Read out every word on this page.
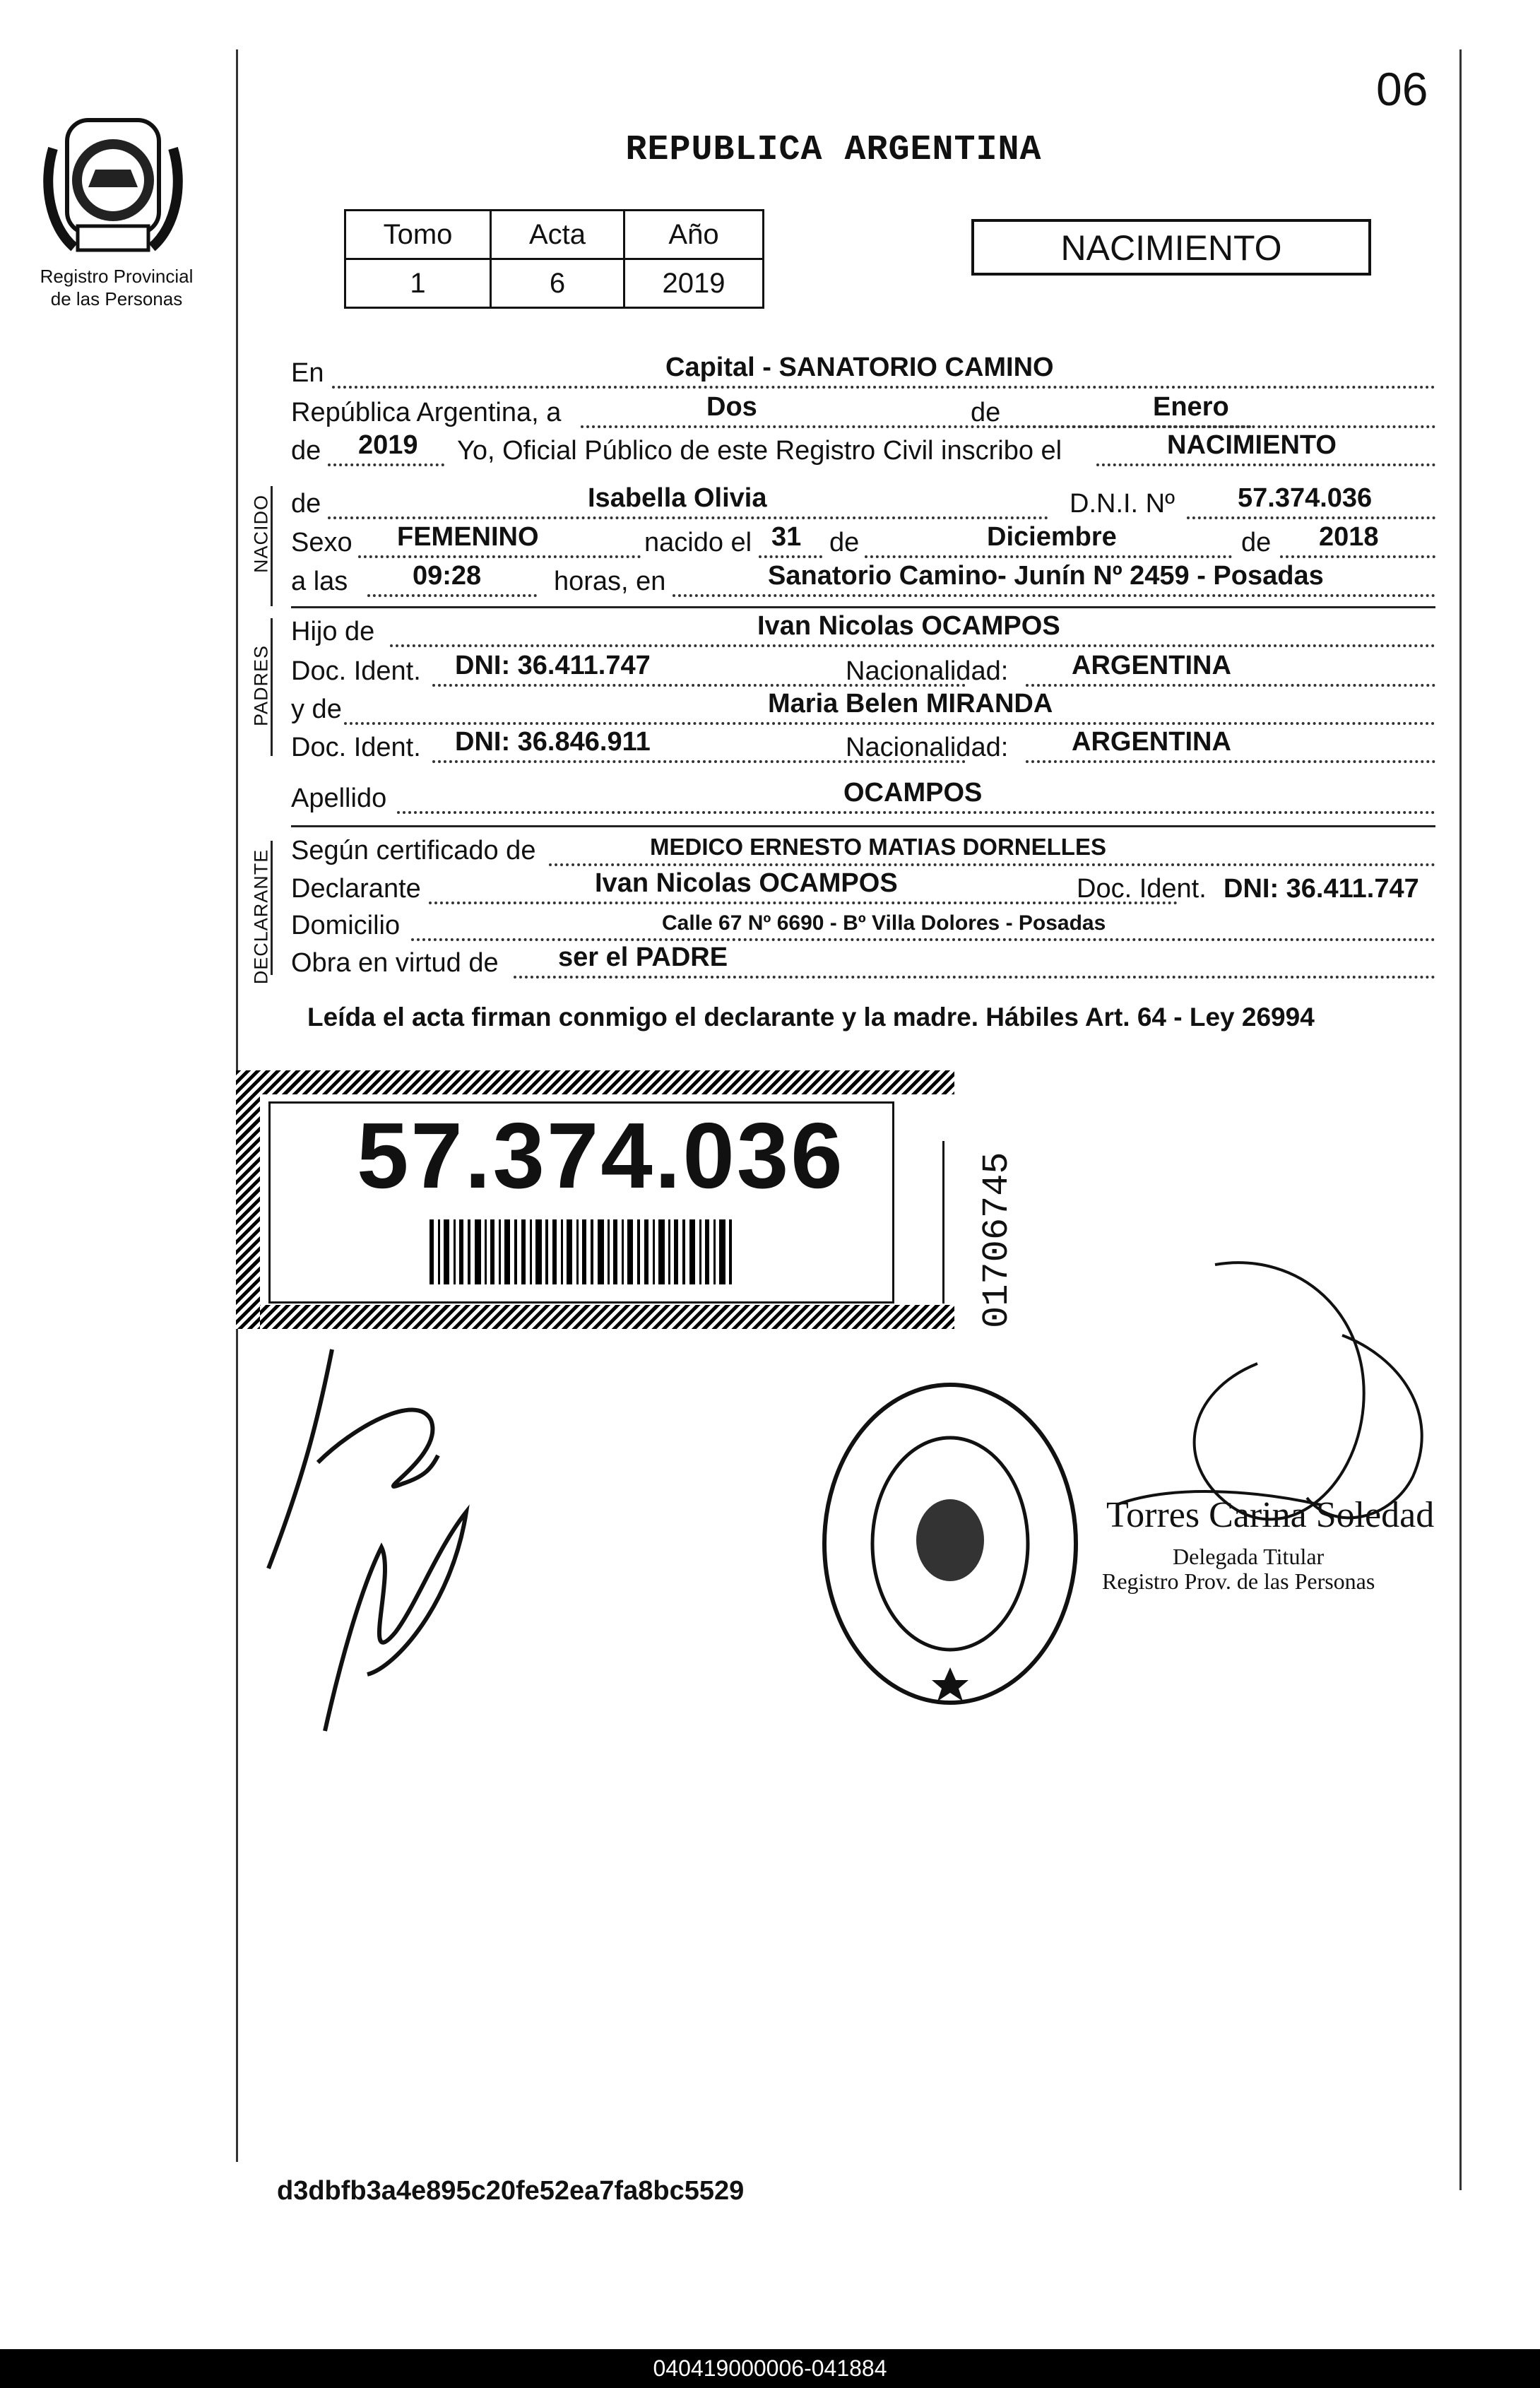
Registro Provincial
de las Personas
06
REPUBLICA ARGENTINA
Tomo	Acta	Año
1	6	2019
NACIMIENTO
En	Capital - SANATORIO CAMINO
República Argentina, a	Dos	de	Enero
de 2019 Yo, Oficial Público de este Registro Civil inscribo el	NACIMIENTO
NACIDO de	Isabella Olivia	D.N.I. Nº 57.374.036
Sexo FEMENINO	nacido el 31 de	Diciembre	de 2018
a las 09:28	horas, en	Sanatorio Camino- Junín Nº 2459 - Posadas
PADRES
Hijo de	Ivan Nicolas OCAMPOS
Doc. Ident. DNI: 36.411.747	Nacionalidad: ARGENTINA
y de	Maria Belen MIRANDA
Doc. Ident. DNI: 36.846.911	Nacionalidad: ARGENTINA
Apellido	OCAMPOS
DECLARANTE Según certificado de	MEDICO ERNESTO MATIAS DORNELLES
Declarante	Ivan Nicolas OCAMPOS	Doc. Ident. DNI: 36.411.747
Domicilio	Calle 67 Nº 6690 - Bº Villa Dolores - Posadas
Obra en virtud de ser el PADRE
Leída el acta firman conmigo el declarante y la madre. Hábiles Art. 64 - Ley 26994
57.374.036	01706745
Torres Carina Soledad
Delegada Titular
Registro Prov. de las Personas
d3dbfb3a4e895c20fe52ea7fa8bc5529
040419000006-041884
